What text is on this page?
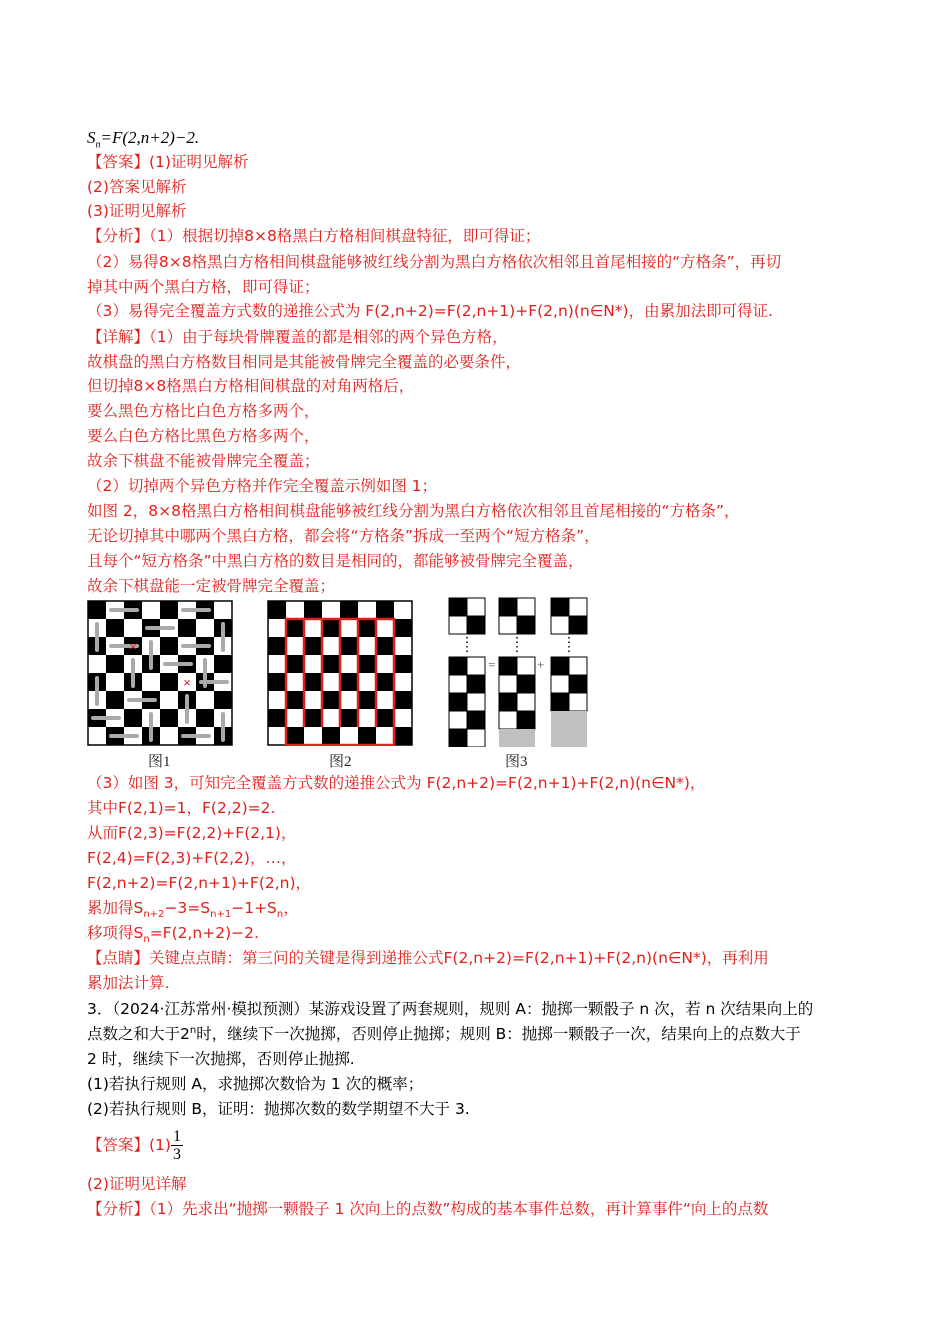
$S_n=F(2,n+2)-2$.
【答案】(1)证明见解析
(2)答案见解析
(3)证明见解析
【分析】（1）根据切掉8×8格黑白方格相间棋盘特征，即可得证；
（2）易得8×8格黑白方格相间棋盘能够被红线分割为黑白方格依次相邻且首尾相接的“方格条”，再切
掉其中两个黑白方格，即可得证；
（3）易得完全覆盖方式数的递推公式为 F(2,n+2)=F(2,n+1)+F(2,n)(n∈N*)，由累加法即可得证.
【详解】（1）由于每块骨牌覆盖的都是相邻的两个异色方格，
故棋盘的黑白方格数目相同是其能被骨牌完全覆盖的必要条件，
但切掉8×8格黑白方格相间棋盘的对角两格后，
要么黑色方格比白色方格多两个，
要么白色方格比黑色方格多两个，
故余下棋盘不能被骨牌完全覆盖；
（2）切掉两个异色方格并作完全覆盖示例如图 1；
如图 2，8×8格黑白方格相间棋盘能够被红线分割为黑白方格依次相邻且首尾相接的“方格条”，
无论切掉其中哪两个黑白方格，都会将“方格条”拆成一至两个“短方格条”，
且每个“短方格条”中黑白方格的数目是相同的，都能够被骨牌完全覆盖，
故余下棋盘能一定被骨牌完全覆盖；
×
×
图1	图2
=	+
图3
（3）如图 3，可知完全覆盖方式数的递推公式为 F(2,n+2)=F(2,n+1)+F(2,n)(n∈N*)，
其中F(2,1)=1，F(2,2)=2.
从而F(2,3)=F(2,2)+F(2,1)，
F(2,4)=F(2,3)+F(2,2)，…，
F(2,n+2)=F(2,n+1)+F(2,n)，
累加得$S_{n+2}-3=S_{n+1}-1+S_n$，
移项得$S_n=F(2,n+2)-2$.
【点睛】关键点点睛：第三问的关键是得到递推公式F(2,n+2)=F(2,n+1)+F(2,n)(n∈N*)，再利用
累加法计算.
3．（2024·江苏常州·模拟预测）某游戏设置了两套规则，规则 A：抛掷一颗骰子 n 次，若 n 次结果向上的
点数之和大于2$^n$时，继续下一次抛掷，否则停止抛掷；规则 B：抛掷一颗骰子一次，结果向上的点数大于
2 时，继续下一次抛掷，否则停止抛掷.
(1)若执行规则 A，求抛掷次数恰为 1 次的概率；
(2)若执行规则 B，证明：抛掷次数的数学期望不大于 3.
【答案】$(1) \frac{1}{3}$
(2)证明见详解
【分析】（1）先求出“抛掷一颗骰子 1 次向上的点数”构成的基本事件总数，再计算事件“向上的点数
